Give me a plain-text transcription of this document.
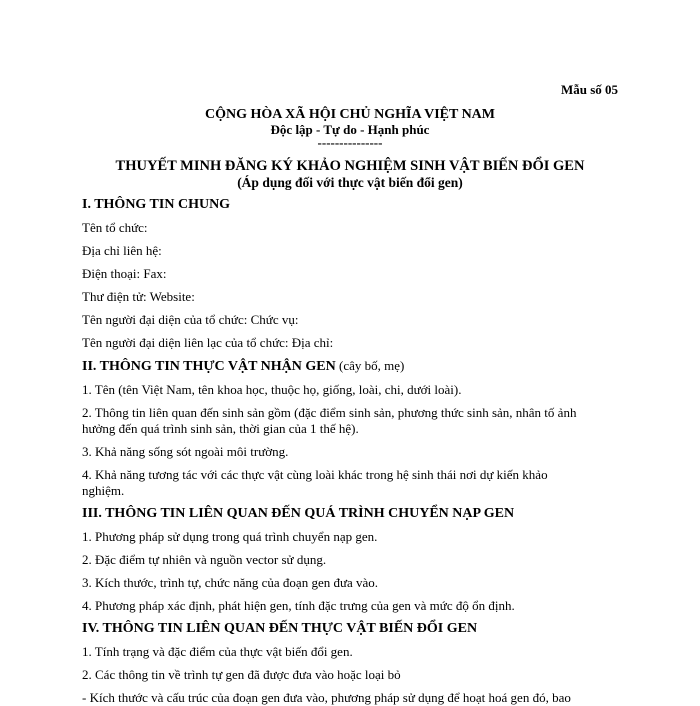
Mẫu số 05
CỘNG HÒA XÃ HỘI CHỦ NGHĨA VIỆT NAM
Độc lập - Tự do - Hạnh phúc
---------------
THUYẾT MINH ĐĂNG KÝ KHẢO NGHIỆM SINH VẬT BIẾN ĐỔI GEN
(Áp dụng đối với thực vật biến đổi gen)

I. THÔNG TIN CHUNG

Tên tổ chức:

Địa chỉ liên hệ:

Điện thoại: Fax:

Thư điện tử: Website:

Tên người đại diện của tổ chức: Chức vụ:

Tên người đại diện liên lạc của tổ chức: Địa chỉ:

II. THÔNG TIN THỰC VẬT NHẬN GEN (cây bố, mẹ)

1. Tên (tên Việt Nam, tên khoa học, thuộc họ, giống, loài, chi, dưới loài).

2. Thông tin liên quan đến sinh sản gồm (đặc điểm sinh sản, phương thức sinh sản, nhân tố ảnh

hưởng đến quá trình sinh sản, thời gian của 1 thế hệ).

3. Khả năng sống sót ngoài môi trường.

4. Khả năng tương tác với các thực vật cùng loài khác trong hệ sinh thái nơi dự kiến khảo

nghiệm.

III. THÔNG TIN LIÊN QUAN ĐẾN QUÁ TRÌNH CHUYỂN NẠP GEN

1. Phương pháp sử dụng trong quá trình chuyển nạp gen.

2. Đặc điểm tự nhiên và nguồn vector sử dụng.

3. Kích thước, trình tự, chức năng của đoạn gen đưa vào.

4. Phương pháp xác định, phát hiện gen, tính đặc trưng của gen và mức độ ổn định.

IV. THÔNG TIN LIÊN QUAN ĐẾN THỰC VẬT BIẾN ĐỔI GEN

1. Tính trạng và đặc điểm của thực vật biến đổi gen.

2. Các thông tin về trình tự gen đã được đưa vào hoặc loại bỏ

- Kích thước và cấu trúc của đoạn gen đưa vào, phương pháp sử dụng để hoạt hoá gen đó, bao
